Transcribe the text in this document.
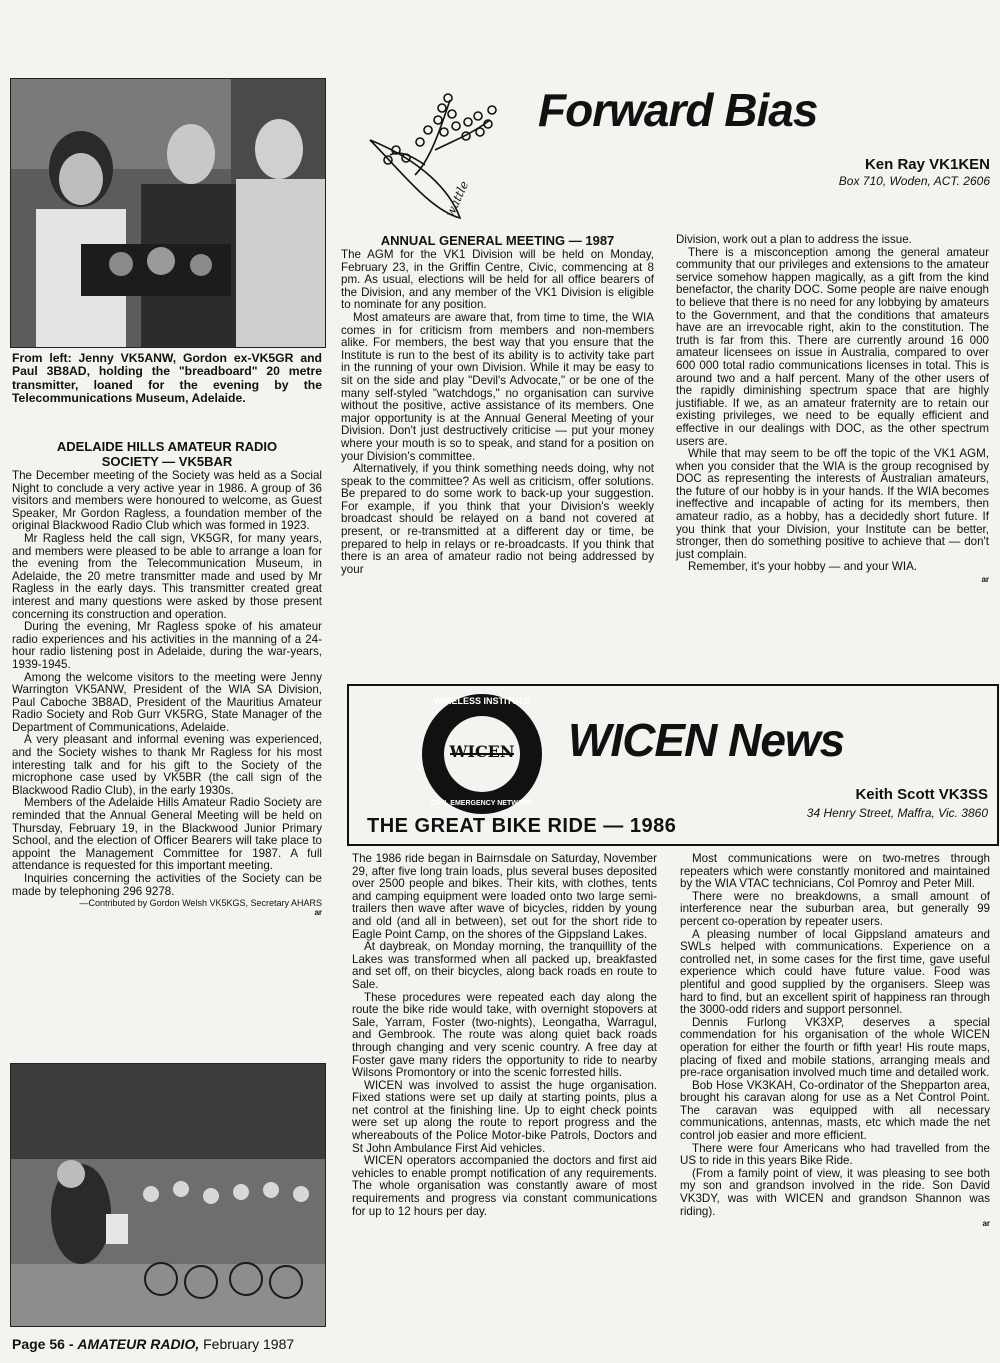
From left: Jenny VK5ANW, Gordon ex-VK5GR and Paul 3B8AD, holding the "breadboard" 20 metre transmitter, loaned for the evening by the Telecommunications Museum, Adelaide.
ADELAIDE HILLS AMATEUR RADIO
SOCIETY — VK5BAR

The December meeting of the Society was held as a Social Night to conclude a very active year in 1986. A group of 36 visitors and members were honoured to welcome, as Guest Speaker, Mr Gordon Ragless, a foundation member of the original Blackwood Radio Club which was formed in 1923.

Mr Ragless held the call sign, VK5GR, for many years, and members were pleased to be able to arrange a loan for the evening from the Telecommunication Museum, in Adelaide, the 20 metre transmitter made and used by Mr Ragless in the early days. This transmitter created great interest and many questions were asked by those present concerning its construction and operation.

During the evening, Mr Ragless spoke of his amateur radio experiences and his activities in the manning of a 24-hour radio listening post in Adelaide, during the war-years, 1939-1945.

Among the welcome visitors to the meeting were Jenny Warrington VK5ANW, President of the WIA SA Division, Paul Caboche 3B8AD, President of the Mauritius Amateur Radio Society and Rob Gurr VK5RG, State Manager of the Department of Communications, Adelaide.

A very pleasant and informal evening was experienced, and the Society wishes to thank Mr Ragless for his most interesting talk and for his gift to the Society of the microphone case used by VK5BR (the call sign of the Blackwood Radio Club), in the early 1930s.

Members of the Adelaide Hills Amateur Radio Society are reminded that the Annual General Meeting will be held on Thursday, February 19, in the Blackwood Junior Primary School, and the election of Officer Bearers will take place to appoint the Management Committee for 1987. A full attendance is requested for this important meeting.

Inquiries concerning the activities of the Society can be made by telephoning 296 9278.

—Contributed by Gordon Welsh VK5KGS, Secretary AHARS
ar
wattle
Forward Bias
Ken Ray VK1KEN
Box 710, Woden, ACT. 2606
ANNUAL GENERAL MEETING — 1987

The AGM for the VK1 Division will be held on Monday, February 23, in the Griffin Centre, Civic, commencing at 8 pm. As usual, elections will be held for all office bearers of the Division, and any member of the VK1 Division is eligible to nominate for any position.

Most amateurs are aware that, from time to time, the WIA comes in for criticism from members and non-members alike. For members, the best way that you ensure that the Institute is run to the best of its ability is to activity take part in the running of your own Division. While it may be easy to sit on the side and play "Devil's Advocate," or be one of the many self-styled "watchdogs," no organisation can survive without the positive, active assistance of its members. One major opportunity is at the Annual General Meeting of your Division. Don't just destructively criticise — put your money where your mouth is so to speak, and stand for a position on your Division's committee.

Alternatively, if you think something needs doing, why not speak to the committee? As well as criticism, offer solutions. Be prepared to do some work to back-up your suggestion. For example, if you think that your Division's weekly broadcast should be relayed on a band not covered at present, or re-transmitted at a different day or time, be prepared to help in relays or re-broadcasts. If you think that there is an area of amateur radio not being addressed by your

Division, work out a plan to address the issue.

There is a misconception among the general amateur community that our privileges and extensions to the amateur service somehow happen magically, as a gift from the kind benefactor, the charity DOC. Some people are naive enough to believe that there is no need for any lobbying by amateurs to the Government, and that the conditions that amateurs have are an irrevocable right, akin to the constitution. The truth is far from this. There are currently around 16 000 amateur licensees on issue in Australia, compared to over 600 000 total radio communications licenses in total. This is around two and a half percent. Many of the other users of the rapidly diminishing spectrum space that are highly justifiable. If we, as an amateur fraternity are to retain our existing privileges, we need to be equally efficient and effective in our dealings with DOC, as the other spectrum users are.

While that may seem to be off the topic of the VK1 AGM, when you consider that the WIA is the group recognised by DOC as representing the interests of Australian amateurs, the future of our hobby is in your hands. If the WIA becomes ineffective and incapable of acting for its members, then amateur radio, as a hobby, has a decidedly short future. If you think that your Division, your Institute can be better, stronger, then do something positive to achieve that — don't just complain.

Remember, it's your hobby — and your WIA.

ar
WIRELESS INSTITUTE
WICEN
CIVIL EMERGENCY NETWORK
WICEN News
Keith Scott VK3SS
34 Henry Street, Maffra, Vic. 3860
THE GREAT BIKE RIDE — 1986

The 1986 ride began in Bairnsdale on Saturday, November 29, after five long train loads, plus several buses deposited over 2500 people and bikes. Their kits, with clothes, tents and camping equipment were loaded onto two large semi-trailers then wave after wave of bicycles, ridden by young and old (and all in between), set out for the short ride to Eagle Point Camp, on the shores of the Gippsland Lakes.

At daybreak, on Monday morning, the tranquillity of the Lakes was transformed when all packed up, breakfasted and set off, on their bicycles, along back roads en route to Sale.

These procedures were repeated each day along the route the bike ride would take, with overnight stopovers at Sale, Yarram, Foster (two-nights), Leongatha, Warragul, and Gembrook. The route was along quiet back roads through changing and very scenic country. A free day at Foster gave many riders the opportunity to ride to nearby Wilsons Promontory or into the scenic forrested hills.

WICEN was involved to assist the huge organisation. Fixed stations were set up daily at starting points, plus a net control at the finishing line. Up to eight check points were set up along the route to report progress and the whereabouts of the Police Motor-bike Patrols, Doctors and St John Ambulance First Aid vehicles.

WICEN operators accompanied the doctors and first aid vehicles to enable prompt notification of any requirements. The whole organisation was constantly aware of most requirements and progress via constant communications for up to 12 hours per day.

Most communications were on two-metres through repeaters which were constantly monitored and maintained by the WIA VTAC technicians, Col Pomroy and Peter Mill.

There were no breakdowns, a small amount of interference near the suburban area, but generally 99 percent co-operation by repeater users.

A pleasing number of local Gippsland amateurs and SWLs helped with communications. Experience on a controlled net, in some cases for the first time, gave useful experience which could have future value. Food was plentiful and good supplied by the organisers. Sleep was hard to find, but an excellent spirit of happiness ran through the 3000-odd riders and support personnel.

Dennis Furlong VK3XP, deserves a special commendation for his organisation of the whole WICEN operation for either the fourth or fifth year! His route maps, placing of fixed and mobile stations, arranging meals and pre-race organisation involved much time and detailed work.

Bob Hose VK3KAH, Co-ordinator of the Shepparton area, brought his caravan along for use as a Net Control Point. The caravan was equipped with all necessary communications, antennas, masts, etc which made the net control job easier and more efficient.

There were four Americans who had travelled from the US to ride in this years Bike Ride.

(From a family point of view, it was pleasing to see both my son and grandson involved in the ride. Son David VK3DY, was with WICEN and grandson Shannon was riding).

ar
Page 56 - AMATEUR RADIO, February 1987
